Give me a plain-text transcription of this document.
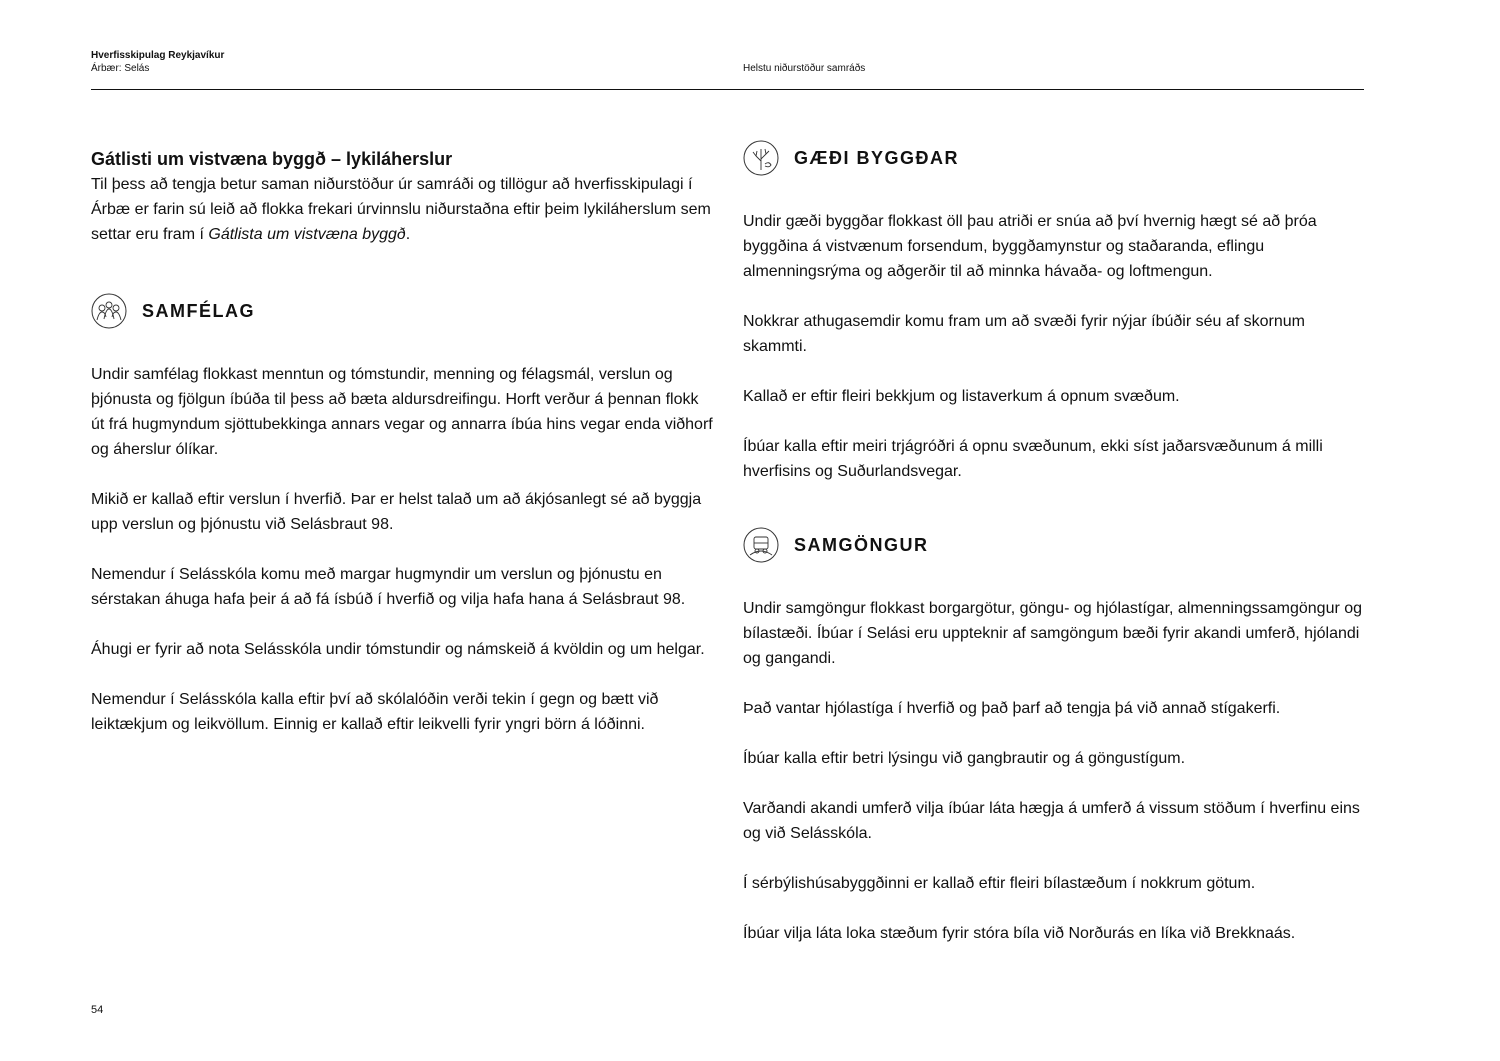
Hverfisskipulag Reykjavíkur
Árbær: Selás	Helstu niðurstöður samráðs
Gátlisti um vistvæna byggð – lykiláherslur

Til þess að tengja betur saman niðurstöður úr samráði og tillögur að hverfisskipulagi í Árbæ er farin sú leið að flokka frekari úrvinnslu niðurstaðna eftir þeim lykiláherslum sem settar eru fram í Gátlista um vistvæna byggð.

SAMFÉLAG

Undir samfélag flokkast menntun og tómstundir, menning og félagsmál, verslun og þjónusta og fjölgun íbúða til þess að bæta aldursdreifingu. Horft verður á þennan flokk út frá hugmyndum sjöttubekkinga annars vegar og annarra íbúa hins vegar enda viðhorf og áherslur ólíkar.

Mikið er kallað eftir verslun í hverfið. Þar er helst talað um að ákjósanlegt sé að byggja upp verslun og þjónustu við Selásbraut 98.

Nemendur í Selásskóla komu með margar hugmyndir um verslun og þjónustu en sérstakan áhuga hafa þeir á að fá ísbúð í hverfið og vilja hafa hana á Selásbraut 98.

Áhugi er fyrir að nota Selásskóla undir tómstundir og námskeið á kvöldin og um helgar.

Nemendur í Selásskóla kalla eftir því að skólalóðin verði tekin í gegn og bætt við leiktækjum og leikvöllum. Einnig er kallað eftir leikvelli fyrir yngri börn á lóðinni.

GÆÐI BYGGÐAR

Undir gæði byggðar flokkast öll þau atriði er snúa að því hvernig hægt sé að þróa byggðina á vistvænum forsendum, byggðamynstur og staðaranda, eflingu almenningsrýma og aðgerðir til að minnka hávaða- og loftmengun.

Nokkrar athugasemdir komu fram um að svæði fyrir nýjar íbúðir séu af skornum skammti.

Kallað er eftir fleiri bekkjum og listaverkum á opnum svæðum.

Íbúar kalla eftir meiri trjágróðri á opnu svæðunum, ekki síst jaðarsvæðunum á milli hverfisins og Suðurlandsvegar.

SAMGÖNGUR

Undir samgöngur flokkast borgargötur, göngu- og hjólastígar, almenningssamgöngur og bílastæði. Íbúar í Selási eru uppteknir af samgöngum bæði fyrir akandi umferð, hjólandi og gangandi.

Það vantar hjólastíga í hverfið og það þarf að tengja þá við annað stígakerfi.

Íbúar kalla eftir betri lýsingu við gangbrautir og á göngustígum.

Varðandi akandi umferð vilja íbúar láta hægja á umferð á vissum stöðum í hverfinu eins og við Selásskóla.

Í sérbýlishúsabyggðinni er kallað eftir fleiri bílastæðum í nokkrum götum.

Íbúar vilja láta loka stæðum fyrir stóra bíla við Norðurás en líka við Brekknaás.

54
